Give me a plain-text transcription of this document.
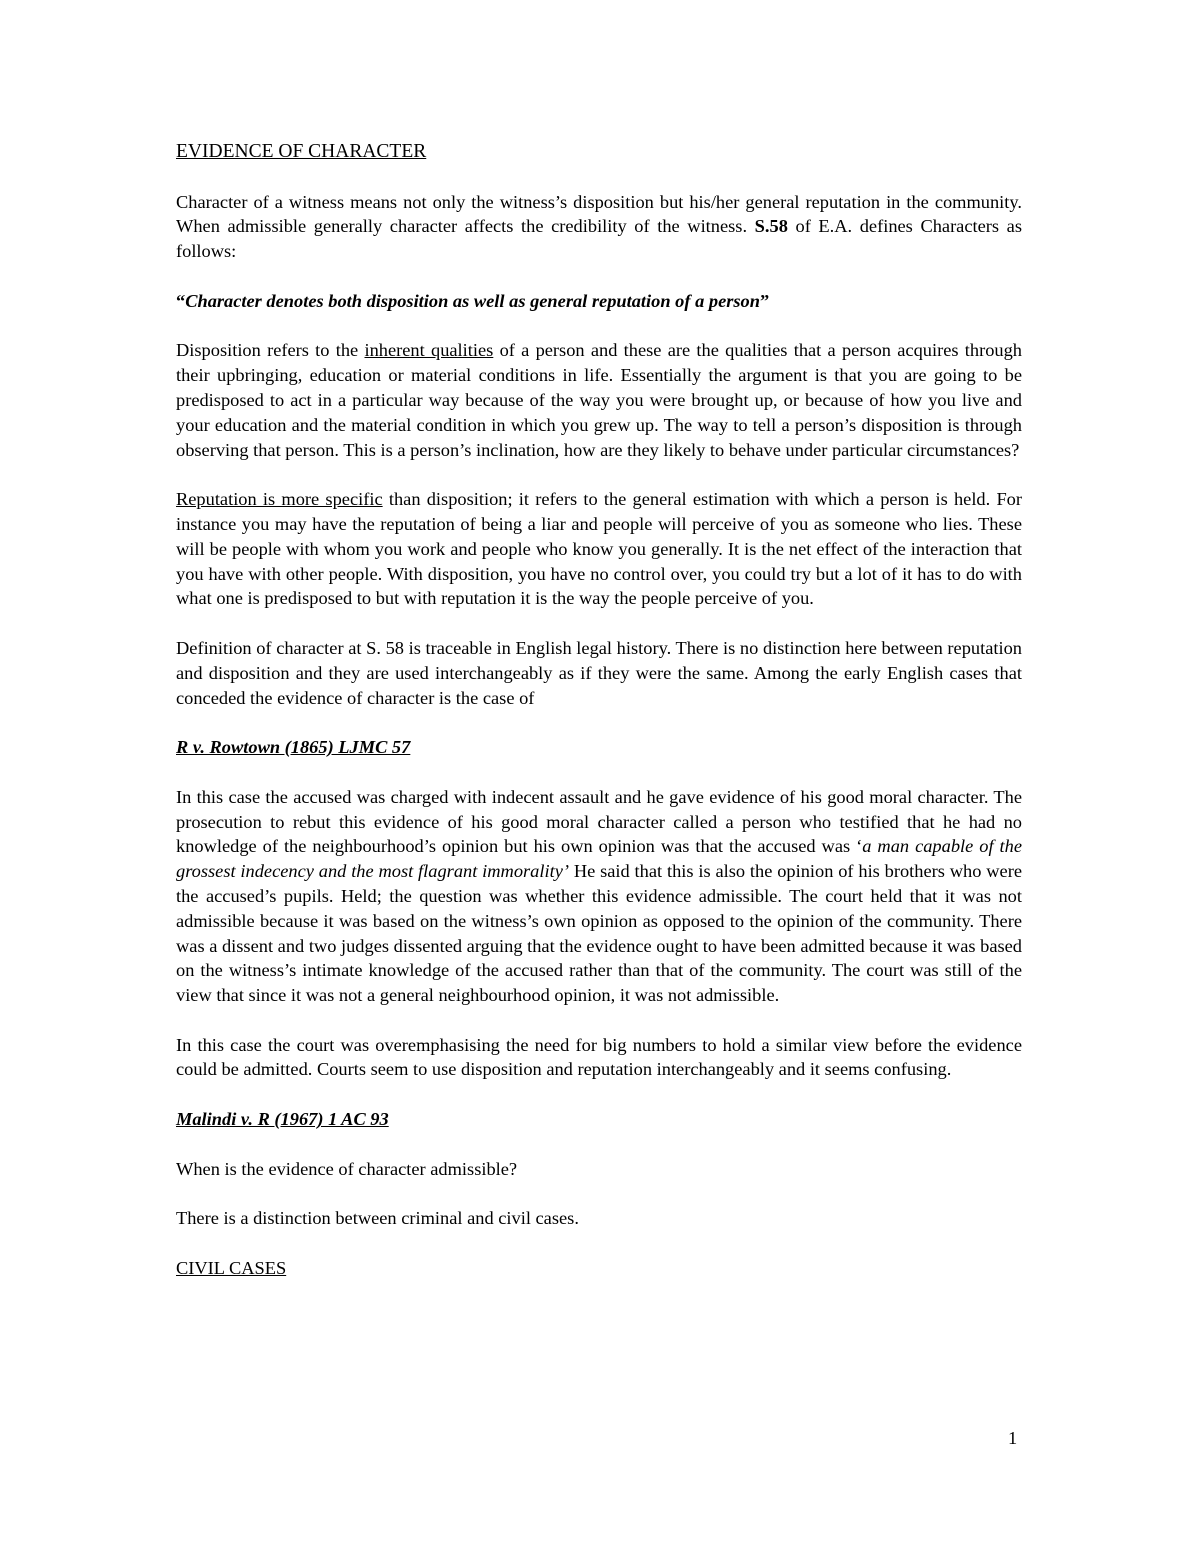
EVIDENCE OF CHARACTER

Character of a witness means not only the witness’s disposition but his/her general reputation in the community. When admissible generally character affects the credibility of the witness. S.58 of E.A. defines Characters as follows:

“Character denotes both disposition as well as general reputation of a person”

Disposition refers to the inherent qualities of a person and these are the qualities that a person acquires through their upbringing, education or material conditions in life. Essentially the argument is that you are going to be predisposed to act in a particular way because of the way you were brought up, or because of how you live and your education and the material condition in which you grew up. The way to tell a person’s disposition is through observing that person. This is a person’s inclination, how are they likely to behave under particular circumstances?

Reputation is more specific than disposition; it refers to the general estimation with which a person is held. For instance you may have the reputation of being a liar and people will perceive of you as someone who lies. These will be people with whom you work and people who know you generally. It is the net effect of the interaction that you have with other people. With disposition, you have no control over, you could try but a lot of it has to do with what one is predisposed to but with reputation it is the way the people perceive of you.

Definition of character at S. 58 is traceable in English legal history. There is no distinction here between reputation and disposition and they are used interchangeably as if they were the same. Among the early English cases that conceded the evidence of character is the case of

R v. Rowtown (1865) LJMC 57

In this case the accused was charged with indecent assault and he gave evidence of his good moral character. The prosecution to rebut this evidence of his good moral character called a person who testified that he had no knowledge of the neighbourhood’s opinion but his own opinion was that the accused was ‘a man capable of the grossest indecency and the most flagrant immorality’ He said that this is also the opinion of his brothers who were the accused’s pupils. Held; the question was whether this evidence admissible. The court held that it was not admissible because it was based on the witness’s own opinion as opposed to the opinion of the community. There was a dissent and two judges dissented arguing that the evidence ought to have been admitted because it was based on the witness’s intimate knowledge of the accused rather than that of the community. The court was still of the view that since it was not a general neighbourhood opinion, it was not admissible.

In this case the court was overemphasising the need for big numbers to hold a similar view before the evidence could be admitted. Courts seem to use disposition and reputation interchangeably and it seems confusing.

Malindi v. R (1967) 1 AC 93

When is the evidence of character admissible?

There is a distinction between criminal and civil cases.

CIVIL CASES

1
